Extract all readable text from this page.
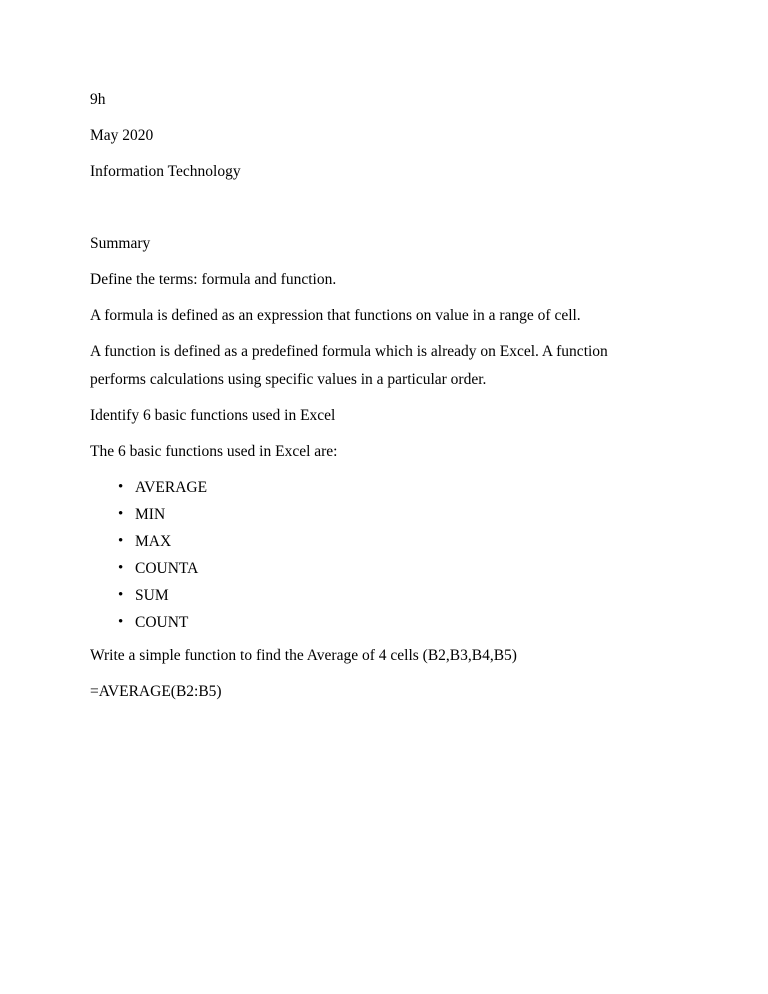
9h

May 2020

Information Technology

Summary

Define the terms: formula and function.

A formula is defined as an expression that functions on value in a range of cell.

A function is defined as a predefined formula which is already on Excel. A function performs calculations using specific values in a particular order.

Identify 6 basic functions used in Excel

The 6 basic functions used in Excel are:

• AVERAGE
• MIN
• MAX
• COUNTA
• SUM
• COUNT

Write a simple function to find the Average of 4 cells (B2,B3,B4,B5)

=AVERAGE(B2:B5)
